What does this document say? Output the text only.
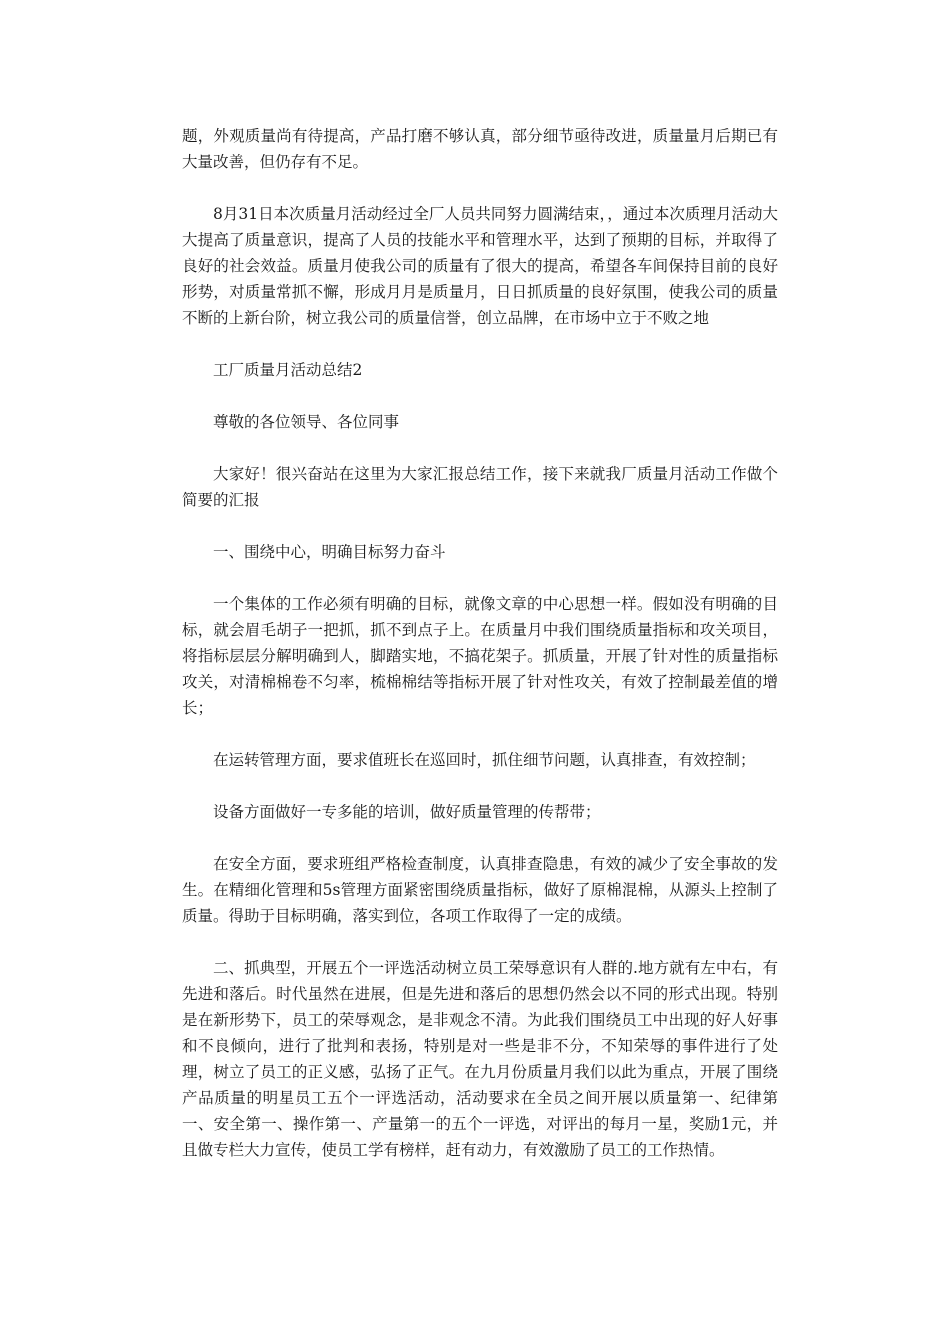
题，外观质量尚有待提高，产品打磨不够认真，部分细节亟待改进，质量量月后期已有大量改善，但仍存有不足。

8月31日本次质量月活动经过全厂人员共同努力圆满结束，，通过本次质理月活动大大提高了质量意识，提高了人员的技能水平和管理水平，达到了预期的目标，并取得了良好的社会效益。质量月使我公司的质量有了很大的提高，希望各车间保持目前的良好形势，对质量常抓不懈，形成月月是质量月，日日抓质量的良好氛围，使我公司的质量不断的上新台阶，树立我公司的质量信誉，创立品牌，在市场中立于不败之地

工厂质量月活动总结2

尊敬的各位领导、各位同事

大家好！很兴奋站在这里为大家汇报总结工作，接下来就我厂质量月活动工作做个简要的汇报

一、围绕中心，明确目标努力奋斗

一个集体的工作必须有明确的目标，就像文章的中心思想一样。假如没有明确的目标，就会眉毛胡子一把抓，抓不到点子上。在质量月中我们围绕质量指标和攻关项目，将指标层层分解明确到人，脚踏实地，不搞花架子。抓质量，开展了针对性的质量指标攻关，对清棉棉卷不匀率，梳棉棉结等指标开展了针对性攻关，有效了控制最差值的增长；

在运转管理方面，要求值班长在巡回时，抓住细节问题，认真排查，有效控制；

设备方面做好一专多能的培训，做好质量管理的传帮带；

在安全方面，要求班组严格检查制度，认真排查隐患，有效的减少了安全事故的发生。在精细化管理和5s管理方面紧密围绕质量指标，做好了原棉混棉，从源头上控制了质量。得助于目标明确，落实到位，各项工作取得了一定的成绩。

二、抓典型，开展五个一评选活动树立员工荣辱意识有人群的.地方就有左中右，有先进和落后。时代虽然在进展，但是先进和落后的思想仍然会以不同的形式出现。特别是在新形势下，员工的荣辱观念，是非观念不清。为此我们围绕员工中出现的好人好事和不良倾向，进行了批判和表扬，特别是对一些是非不分，不知荣辱的事件进行了处理，树立了员工的正义感，弘扬了正气。在九月份质量月我们以此为重点，开展了围绕产品质量的明星员工五个一评选活动，活动要求在全员之间开展以质量第一、纪律第一、安全第一、操作第一、产量第一的五个一评选，对评出的每月一星，奖励1元，并且做专栏大力宣传，使员工学有榜样，赶有动力，有效激励了员工的工作热情。
